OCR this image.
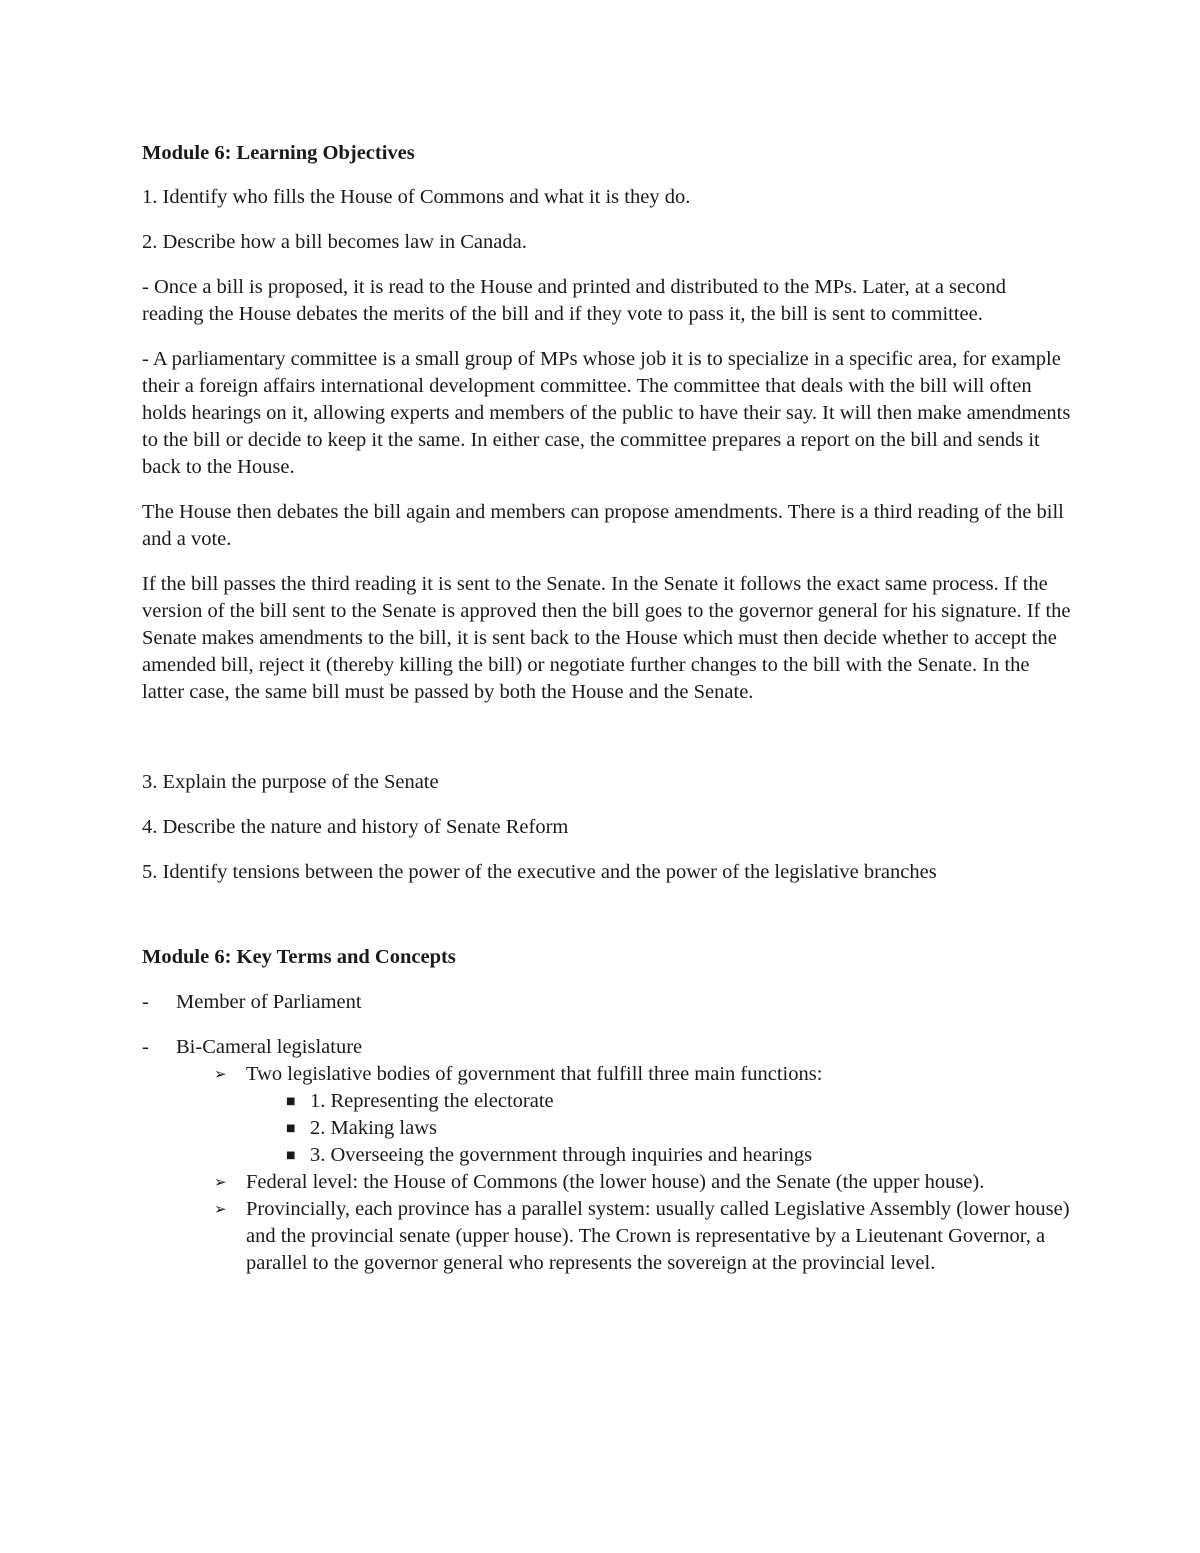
Module 6: Learning Objectives

1. Identify who fills the House of Commons and what it is they do.

2. Describe how a bill becomes law in Canada.

- Once a bill is proposed, it is read to the House and printed and distributed to the MPs. Later, at a second reading the House debates the merits of the bill and if they vote to pass it, the bill is sent to committee.

- A parliamentary committee is a small group of MPs whose job it is to specialize in a specific area, for example their a foreign affairs international development committee. The committee that deals with the bill will often holds hearings on it, allowing experts and members of the public to have their say. It will then make amendments to the bill or decide to keep it the same. In either case, the committee prepares a report on the bill and sends it back to the House.

The House then debates the bill again and members can propose amendments. There is a third reading of the bill and a vote.

If the bill passes the third reading it is sent to the Senate. In the Senate it follows the exact same process. If the version of the bill sent to the Senate is approved then the bill goes to the governor general for his signature. If the Senate makes amendments to the bill, it is sent back to the House which must then decide whether to accept the amended bill, reject it (thereby killing the bill) or negotiate further changes to the bill with the Senate. In the latter case, the same bill must be passed by both the House and the Senate.

3. Explain the purpose of the Senate

4. Describe the nature and history of Senate Reform

5. Identify tensions between the power of the executive and the power of the legislative branches

Module 6: Key Terms and Concepts

-	Member of Parliament
-	Bi-Cameral legislature
➢ Two legislative bodies of government that fulfill three main functions:
■ 1. Representing the electorate
■ 2. Making laws
■ 3. Overseeing the government through inquiries and hearings
➢ Federal level: the House of Commons (the lower house) and the Senate (the upper house).
➢ Provincially, each province has a parallel system: usually called Legislative Assembly (lower house) and the provincial senate (upper house). The Crown is representative by a Lieutenant Governor, a parallel to the governor general who represents the sovereign at the provincial level.
